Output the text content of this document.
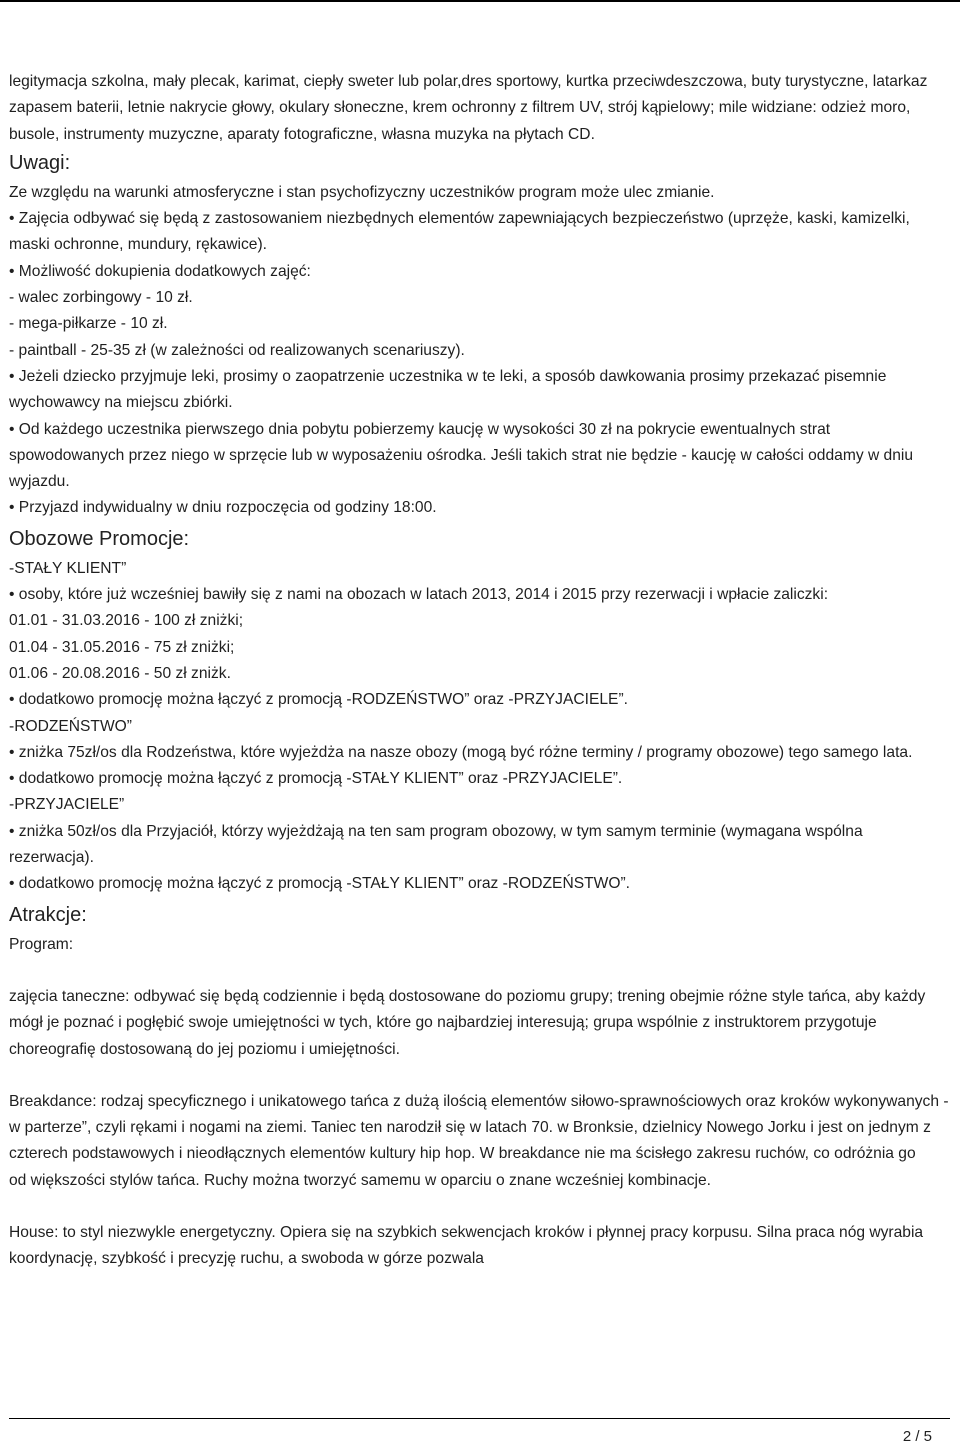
legitymacja szkolna, mały plecak, karimat, ciepły sweter lub polar,dres sportowy, kurtka przeciwdeszczowa, buty turystyczne, latarkaz zapasem baterii, letnie nakrycie głowy, okulary słoneczne, krem ochronny z filtrem UV, strój kąpielowy; mile widziane: odzież moro, busole, instrumenty muzyczne, aparaty fotograficzne, własna muzyka na płytach CD.

Uwagi:

Ze względu na warunki atmosferyczne i stan psychofizyczny uczestników program może ulec zmianie.

• Zajęcia odbywać się będą z zastosowaniem niezbędnych elementów zapewniających bezpieczeństwo (uprzęże, kaski, kamizelki, maski ochronne, mundury, rękawice).

• Możliwość dokupienia dodatkowych zajęć:

- walec zorbingowy - 10 zł.

- mega-piłkarze - 10 zł.

- paintball - 25-35 zł (w zależności od realizowanych scenariuszy).

• Jeżeli dziecko przyjmuje leki, prosimy o zaopatrzenie uczestnika w te leki, a sposób dawkowania prosimy przekazać pisemnie wychowawcy na miejscu zbiórki.

• Od każdego uczestnika pierwszego dnia pobytu pobierzemy kaucję w wysokości 30 zł na pokrycie ewentualnych strat spowodowanych przez niego w sprzęcie lub w wyposażeniu ośrodka. Jeśli takich strat nie będzie - kaucję w całości oddamy w dniu wyjazdu.

• Przyjazd indywidualny w dniu rozpoczęcia od godziny 18:00.

Obozowe Promocje:

-STAŁY KLIENT”

• osoby, które już wcześniej bawiły się z nami na obozach w latach 2013, 2014 i 2015 przy rezerwacji i wpłacie zaliczki:

01.01 - 31.03.2016 - 100 zł zniżki;

01.04 - 31.05.2016 - 75 zł zniżki;

01.06 - 20.08.2016 - 50 zł zniżk.

• dodatkowo promocję można łączyć z promocją -RODZEŃSTWO” oraz -PRZYJACIELE”.

-RODZEŃSTWO”

• zniżka 75zł/os dla Rodzeństwa, które wyjeżdża na nasze obozy (mogą być różne terminy / programy obozowe) tego samego lata.

• dodatkowo promocję można łączyć z promocją -STAŁY KLIENT” oraz -PRZYJACIELE”.

-PRZYJACIELE”

• zniżka 50zł/os dla Przyjaciół, którzy wyjeżdżają na ten sam program obozowy, w tym samym terminie (wymagana wspólna rezerwacja).

• dodatkowo promocję można łączyć z promocją -STAŁY KLIENT” oraz -RODZEŃSTWO”.

Atrakcje:

Program:

zajęcia taneczne: odbywać się będą codziennie i będą dostosowane do poziomu grupy; trening obejmie różne style tańca, aby każdy mógł je poznać i pogłębić swoje umiejętności w tych, które go najbardziej interesują; grupa wspólnie z instruktorem przygotuje choreografię dostosowaną do jej poziomu i umiejętności.

Breakdance: rodzaj specyficznego i unikatowego tańca z dużą ilością elementów siłowo-sprawnościowych oraz kroków wykonywanych -w parterze”, czyli rękami i nogami na ziemi. Taniec ten narodził się w latach 70. w Bronksie, dzielnicy Nowego Jorku i jest on jednym z czterech podstawowych i nieodłącznych elementów kultury hip hop. W breakdance nie ma ścisłego zakresu ruchów, co odróżnia go

od większości stylów tańca. Ruchy można tworzyć samemu w oparciu o znane wcześniej kombinacje.

House: to styl niezwykle energetyczny. Opiera się na szybkich sekwencjach kroków i płynnej pracy korpusu. Silna praca nóg wyrabia koordynację, szybkość i precyzję ruchu, a swoboda w górze pozwala

2 / 5
